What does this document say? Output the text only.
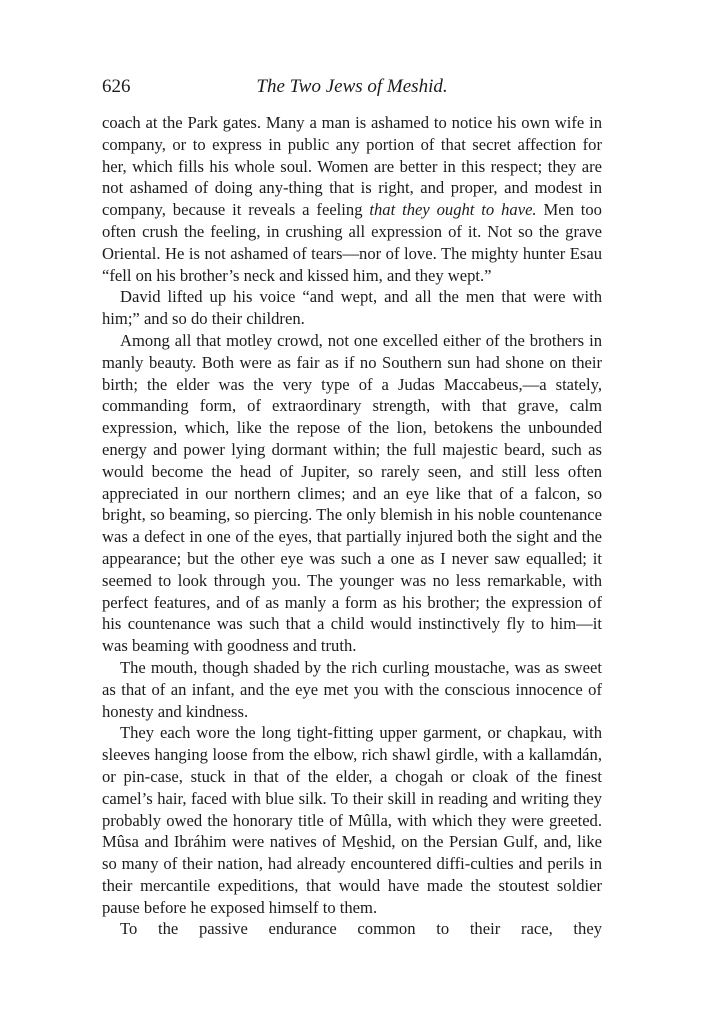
626	The Two Jews of Meshid.

coach at the Park gates. Many a man is ashamed to notice his own wife in company, or to express in public any portion of that secret affection for her, which fills his whole soul. Women are better in this respect; they are not ashamed of doing any-thing that is right, and proper, and modest in company, because it reveals a feeling that they ought to have. Men too often crush the feeling, in crushing all expression of it. Not so the grave Oriental. He is not ashamed of tears—nor of love. The mighty hunter Esau “fell on his brother’s neck and kissed him, and they wept.”

David lifted up his voice “and wept, and all the men that were with him;” and so do their children.

Among all that motley crowd, not one excelled either of the brothers in manly beauty. Both were as fair as if no Southern sun had shone on their birth; the elder was the very type of a Judas Maccabeus,—a stately, commanding form, of extraordinary strength, with that grave, calm expression, which, like the repose of the lion, betokens the unbounded energy and power lying dormant within; the full majestic beard, such as would become the head of Jupiter, so rarely seen, and still less often appreciated in our northern climes; and an eye like that of a falcon, so bright, so beaming, so piercing. The only blemish in his noble countenance was a defect in one of the eyes, that partially injured both the sight and the appearance; but the other eye was such a one as I never saw equalled; it seemed to look through you. The younger was no less remarkable, with perfect features, and of as manly a form as his brother; the expression of his countenance was such that a child would instinctively fly to him—it was beaming with goodness and truth.

The mouth, though shaded by the rich curling moustache, was as sweet as that of an infant, and the eye met you with the conscious innocence of honesty and kindness.

They each wore the long tight-fitting upper garment, or chapkau, with sleeves hanging loose from the elbow, rich shawl girdle, with a kallamdán, or pin-case, stuck in that of the elder, a chogah or cloak of the finest camel’s hair, faced with blue silk. To their skill in reading and writing they probably owed the honorary title of Mûlla, with which they were greeted. Mûsa and Ibráhim were natives of Me̱shid, on the Persian Gulf, and, like so many of their nation, had already encountered diffi-culties and perils in their mercantile expeditions, that would have made the stoutest soldier pause before he exposed himself to them.

To the passive endurance common to their race, they
